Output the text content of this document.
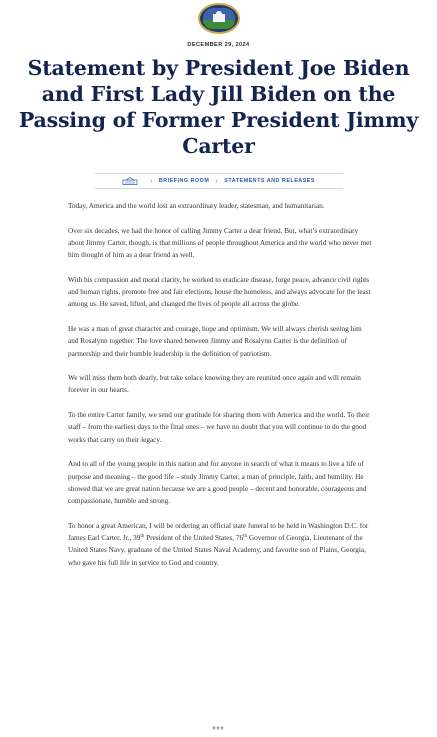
DECEMBER 29, 2024
Statement by President Joe Biden and First Lady Jill Biden on the Passing of Former President Jimmy Carter
› BRIEFING ROOM › STATEMENTS AND RELEASES

Today, America and the world lost an extraordinary leader, statesman, and humanitarian.

Over six decades, we had the honor of calling Jimmy Carter a dear friend. But, what’s extraordinary about Jimmy Carter, though, is that millions of people throughout America and the world who never met him thought of him as a dear friend as well.

With his compassion and moral clarity, he worked to eradicate disease, forge peace, advance civil rights and human rights, promote free and fair elections, house the homeless, and always advocate for the least among us. He saved, lifted, and changed the lives of people all across the globe.

He was a man of great character and courage, hope and optimism. We will always cherish seeing him and Rosalynn together. The love shared between Jimmy and Rosalynn Carter is the definition of partnership and their humble leadership is the definition of patriotism.

We will miss them both dearly, but take solace knowing they are reunited once again and will remain forever in our hearts.

To the entire Carter family, we send our gratitude for sharing them with America and the world. To their staff – from the earliest days to the final ones – we have no doubt that you will continue to do the good works that carry on their legacy.

And to all of the young people in this nation and for anyone in search of what it means to live a life of purpose and meaning – the good life – study Jimmy Carter, a man of principle, faith, and humility. He showed that we are great nation because we are a good people – decent and honorable, courageous and compassionate, humble and strong.

To honor a great American, I will be ordering an official state funeral to be held in Washington D.C. for James Earl Carter, Jr., 39th President of the United States, 76th Governor of Georgia, Lieutenant of the United States Navy, graduate of the United States Naval Academy, and favorite son of Plains, Georgia, who gave his full life in service to God and country.

###
